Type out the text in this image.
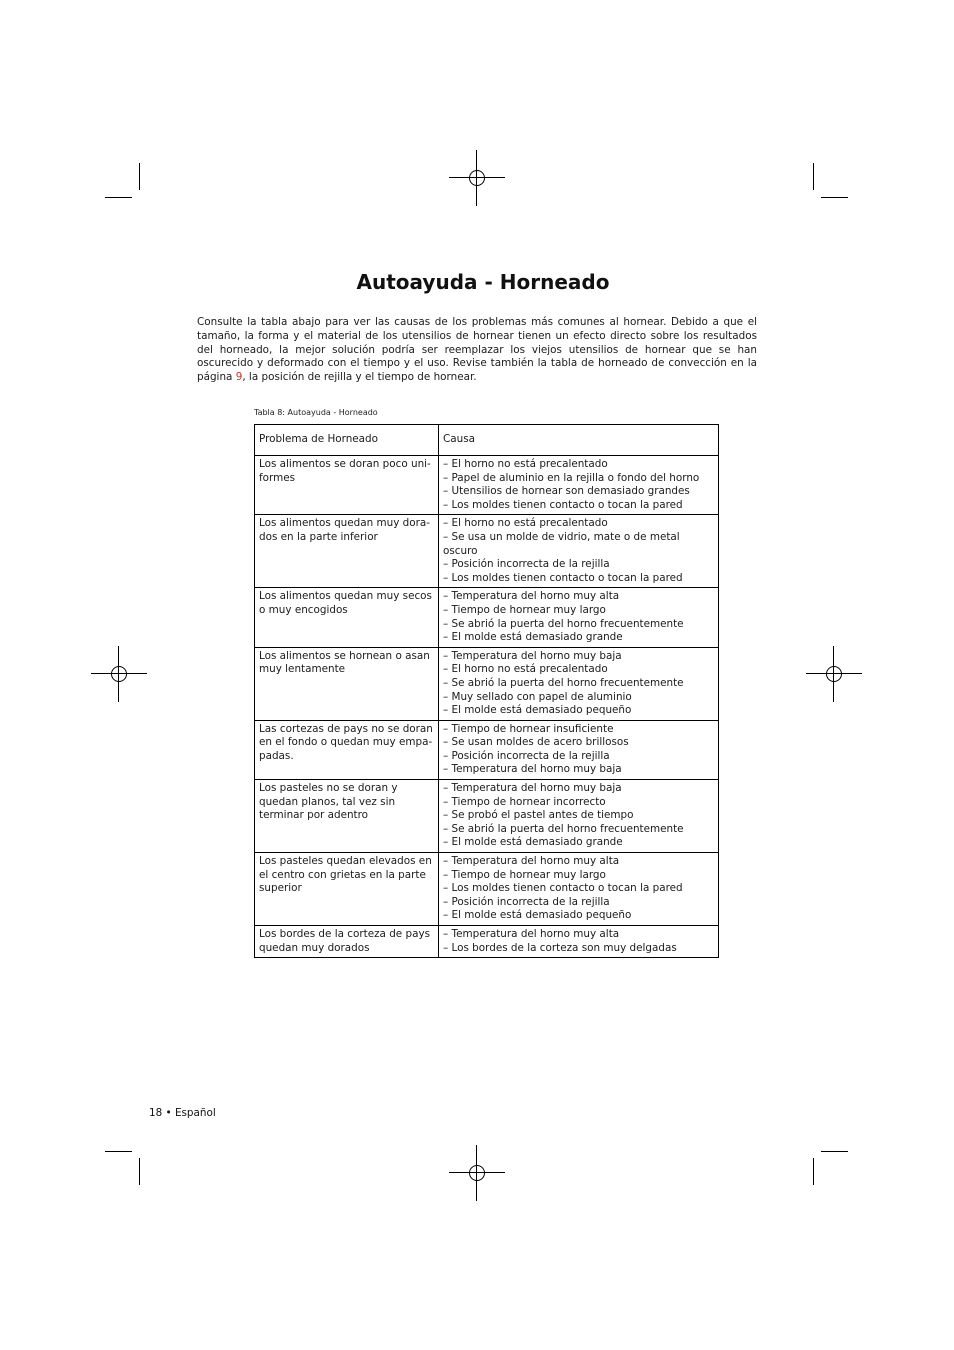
Autoayuda - Horneado

Consulte la tabla abajo para ver las causas de los problemas más comunes al hornear. Debido a que el tamaño, la forma y el material de los utensilios de hornear tienen un efecto directo sobre los resultados del horneado, la mejor solución podría ser reemplazar los viejos utensilios de hornear que se han oscurecido y deformado con el tiempo y el uso. Revise también la tabla de horneado de convección en la página 9, la posición de rejilla y el tiempo de hornear.

Tabla 8: Autoayuda - Horneado

Problema de Horneado	Causa
Los alimentos se doran poco uni-formes	– El horno no está precalentado
– Papel de aluminio en la rejilla o fondo del horno
– Utensilios de hornear son demasiado grandes
– Los moldes tienen contacto o tocan la pared

Los alimentos quedan muy dora-dos en la parte inferior	– El horno no está precalentado
– Se usa un molde de vidrio, mate o de metal oscuro
– Posición incorrecta de la rejilla
– Los moldes tienen contacto o tocan la pared

Los alimentos quedan muy secos o muy encogidos	– Temperatura del horno muy alta
– Tiempo de hornear muy largo
– Se abrió la puerta del horno frecuentemente
– El molde está demasiado grande

Los alimentos se hornean o asan muy lentamente	– Temperatura del horno muy baja
– El horno no está precalentado
– Se abrió la puerta del horno frecuentemente
– Muy sellado con papel de aluminio
– El molde está demasiado pequeño

Las cortezas de pays no se doran en el fondo o quedan muy empa-padas.	– Tiempo de hornear insuficiente
– Se usan moldes de acero brillosos
– Posición incorrecta de la rejilla
– Temperatura del horno muy baja

Los pasteles no se doran y quedan planos, tal vez sin terminar por adentro	– Temperatura del horno muy baja
– Tiempo de hornear incorrecto
– Se probó el pastel antes de tiempo
– Se abrió la puerta del horno frecuentemente
– El molde está demasiado grande

Los pasteles quedan elevados en el centro con grietas en la parte superior	– Temperatura del horno muy alta
– Tiempo de hornear muy largo
– Los moldes tienen contacto o tocan la pared
– Posición incorrecta de la rejilla
– El molde está demasiado pequeño

Los bordes de la corteza de pays quedan muy dorados	– Temperatura del horno muy alta
– Los bordes de la corteza son muy delgadas

18 • Español
